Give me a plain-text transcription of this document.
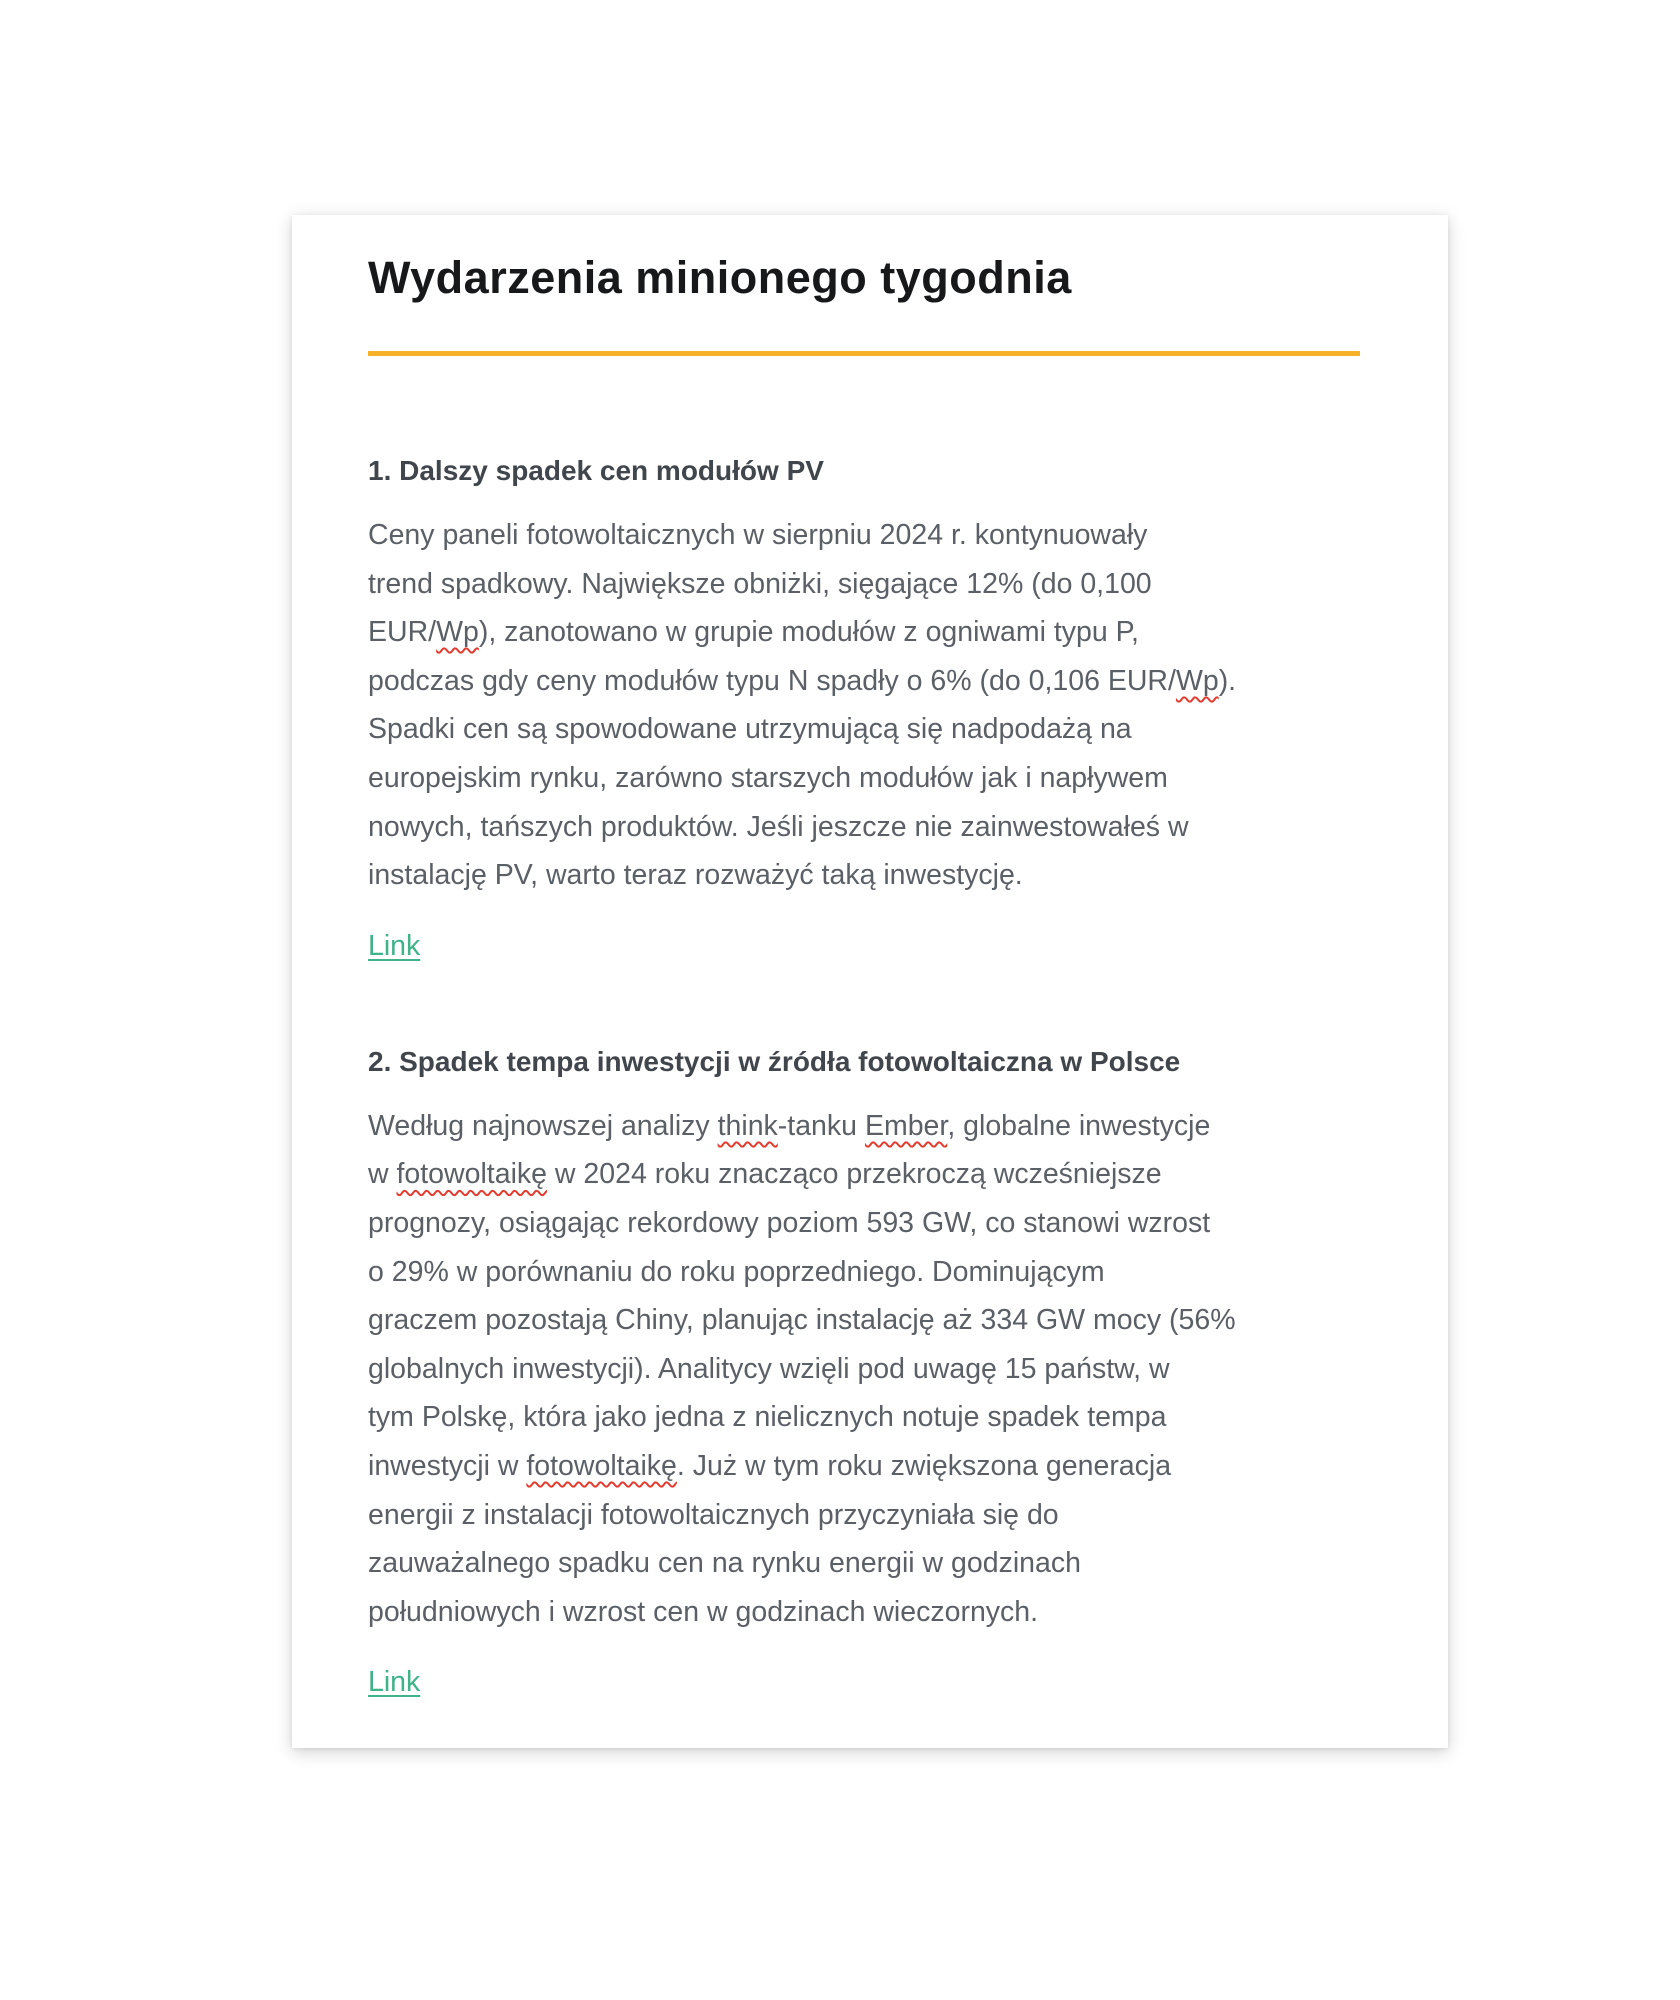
Wydarzenia minionego tygodnia
1. Dalszy spadek cen modułów PV

Ceny paneli fotowoltaicznych w sierpniu 2024 r. kontynuowały
trend spadkowy. Największe obniżki, sięgające 12% (do 0,100
EUR/Wp), zanotowano w grupie modułów z ogniwami typu P,
podczas gdy ceny modułów typu N spadły o 6% (do 0,106 EUR/Wp).
Spadki cen są spowodowane utrzymującą się nadpodażą na
europejskim rynku, zarówno starszych modułów jak i napływem
nowych, tańszych produktów. Jeśli jeszcze nie zainwestowałeś w
instalację PV, warto teraz rozważyć taką inwestycję.

Link
2. Spadek tempa inwestycji w źródła fotowoltaiczna w Polsce

Według najnowszej analizy think-tanku Ember, globalne inwestycje
w fotowoltaikę w 2024 roku znacząco przekroczą wcześniejsze
prognozy, osiągając rekordowy poziom 593 GW, co stanowi wzrost
o 29% w porównaniu do roku poprzedniego. Dominującym
graczem pozostają Chiny, planując instalację aż 334 GW mocy (56%
globalnych inwestycji). Analitycy wzięli pod uwagę 15 państw, w
tym Polskę, która jako jedna z nielicznych notuje spadek tempa
inwestycji w fotowoltaikę. Już w tym roku zwiększona generacja
energii z instalacji fotowoltaicznych przyczyniała się do
zauważalnego spadku cen na rynku energii w godzinach
południowych i wzrost cen w godzinach wieczornych.

Link
